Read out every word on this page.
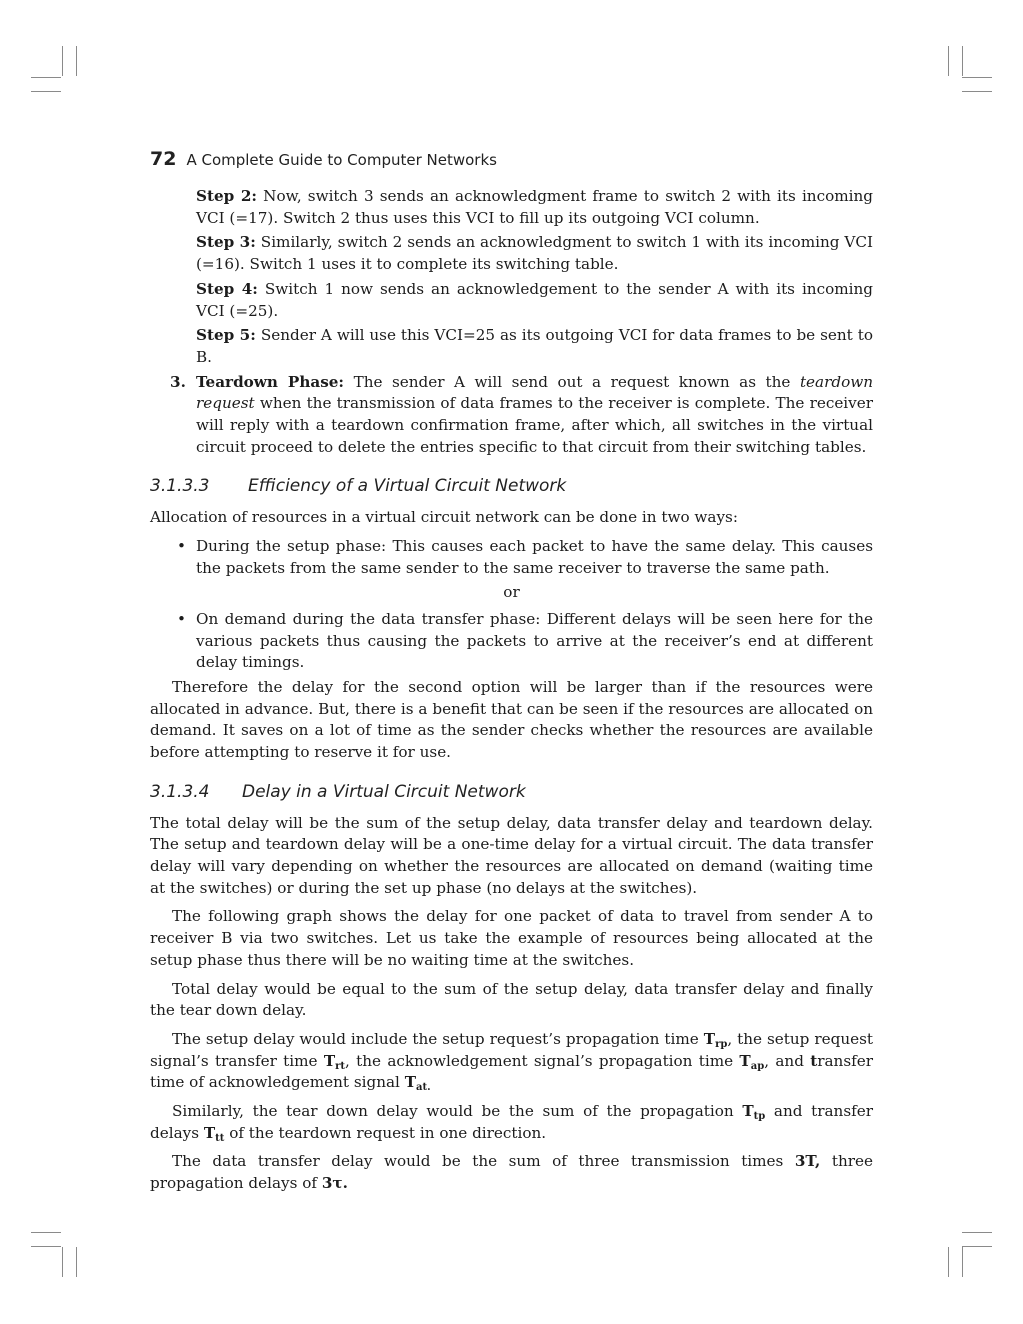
72 A Complete Guide to Computer Networks

Step 2: Now, switch 3 sends an acknowledgment frame to switch 2 with its incoming VCI (=17). Switch 2 thus uses this VCI to fill up its outgoing VCI column.

Step 3: Similarly, switch 2 sends an acknowledgment to switch 1 with its incoming VCI (=16). Switch 1 uses it to complete its switching table.

Step 4: Switch 1 now sends an acknowledgement to the sender A with its incoming VCI (=25).

Step 5: Sender A will use this VCI=25 as its outgoing VCI for data frames to be sent to B.

3. Teardown Phase: The sender A will send out a request known as the teardown request when the transmission of data frames to the receiver is complete. The receiver will reply with a teardown confirmation frame, after which, all switches in the virtual circuit proceed to delete the entries specific to that circuit from their switching tables.
3.1.3.3 Efficiency of a Virtual Circuit Network

Allocation of resources in a virtual circuit network can be done in two ways:

• During the setup phase: This causes each packet to have the same delay. This causes the packets from the same sender to the same receiver to traverse the same path.

or

• On demand during the data transfer phase: Different delays will be seen here for the various packets thus causing the packets to arrive at the receiver’s end at different delay timings.

Therefore the delay for the second option will be larger than if the resources were allocated in advance. But, there is a benefit that can be seen if the resources are allocated on demand. It saves on a lot of time as the sender checks whether the resources are available before attempting to reserve it for use.

3.1.3.4 Delay in a Virtual Circuit Network

The total delay will be the sum of the setup delay, data transfer delay and teardown delay. The setup and teardown delay will be a one-time delay for a virtual circuit. The data transfer delay will vary depending on whether the resources are allocated on demand (waiting time at the switches) or during the set up phase (no delays at the switches).

The following graph shows the delay for one packet of data to travel from sender A to receiver B via two switches. Let us take the example of resources being allocated at the setup phase thus there will be no waiting time at the switches.

Total delay would be equal to the sum of the setup delay, data transfer delay and finally the tear down delay.

The setup delay would include the setup request’s propagation time $T_{rp}$, the setup request signal’s transfer time $T_{rt}$, the acknowledgement signal’s propagation time $T_{ap}$, and transfer time of acknowledgement signal $T_{at.}$

Similarly, the tear down delay would be the sum of the propagation $T_{tp}$ and transfer delays $T_{tt}$ of the teardown request in one direction.

The data transfer delay would be the sum of three transmission times 3T, three propagation delays of 3τ.
